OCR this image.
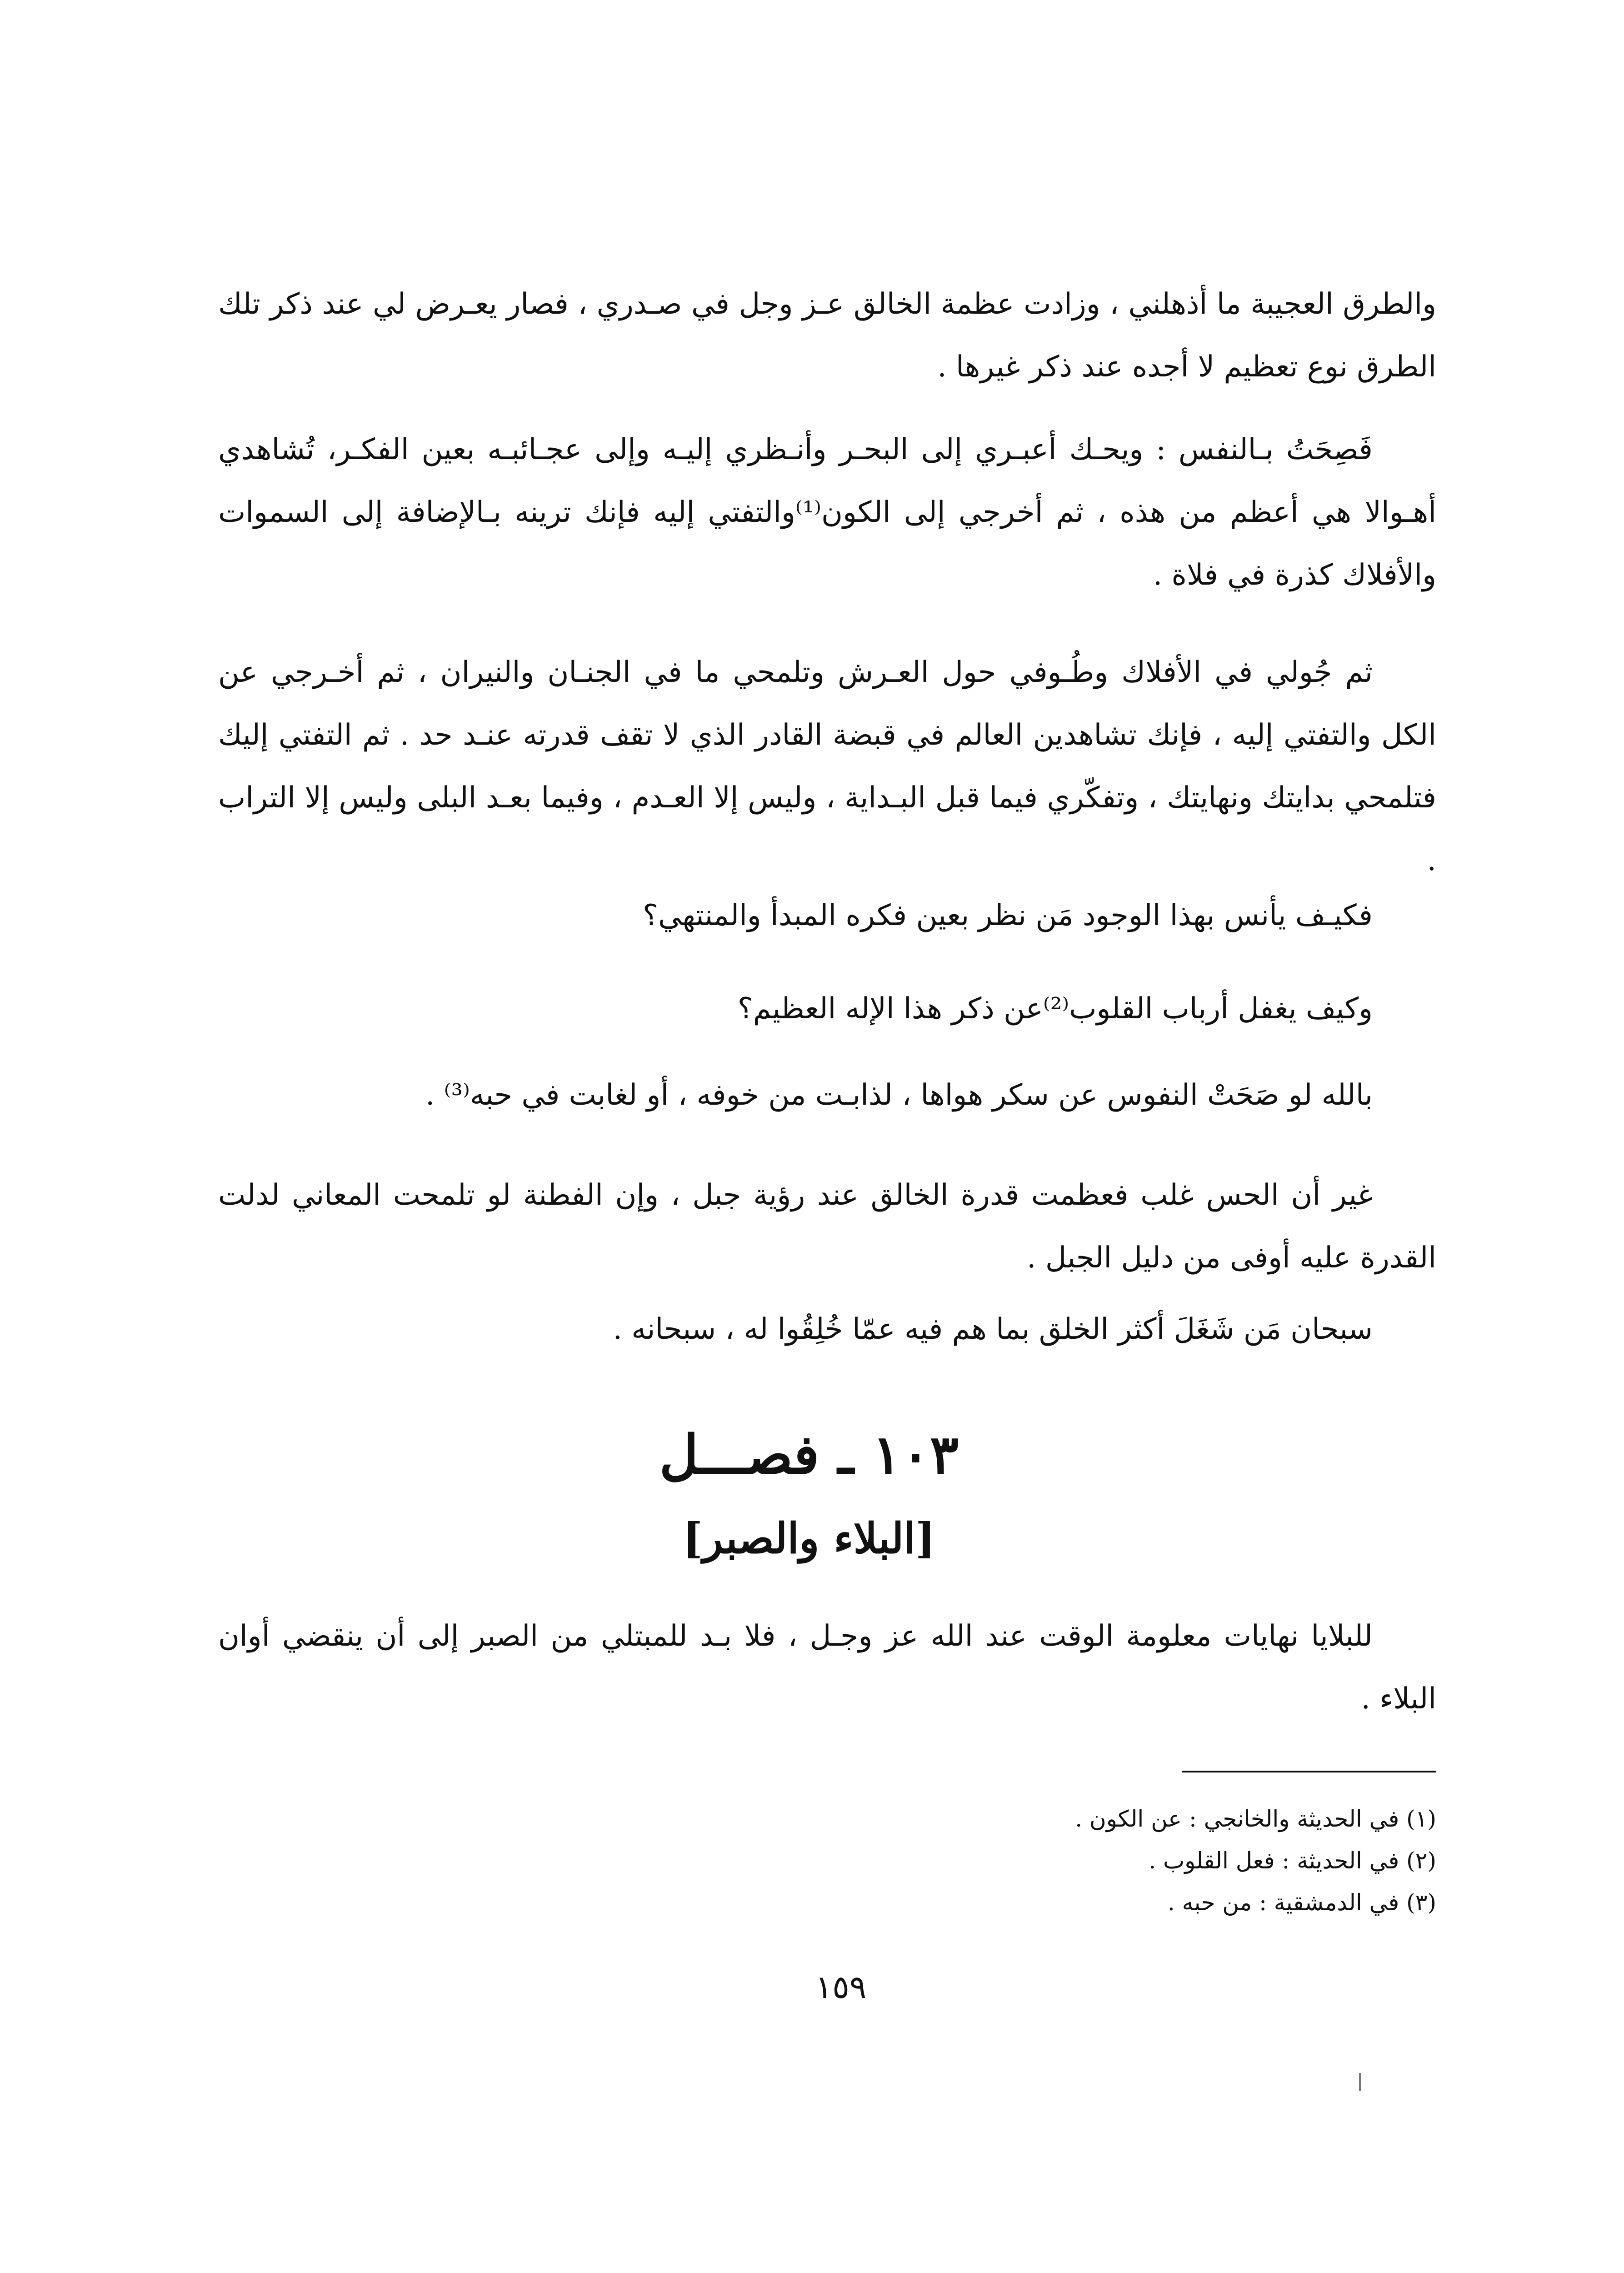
والطرق العجيبة ما أذهلني ، وزادت عظمة الخالق عـز وجل في صـدري ، فصار يعـرض لي عند ذكر تلك الطرق نوع تعظيم لا أجده عند ذكر غيرها .

فَصِحَتُ بـالنفس : ويحـك أعبـري إلى البحـر وأنـظري إليـه وإلى عجـائبـه بعين الفكـر، تُشاهدي أهـوالا هي أعظم من هذه ، ثم أخرجي إلى الكون⁽¹⁾والتفتي إليه فإنك ترينه بـالإضافة إلى السموات والأفلاك كذرة في فلاة .

ثم جُولي في الأفلاك وطُـوفي حول العـرش وتلمحي ما في الجنـان والنيران ، ثم أخـرجي عن الكل والتفتي إليه ، فإنك تشاهدين العالم في قبضة القادر الذي لا تقف قدرته عنـد حد . ثم التفتي إليك فتلمحي بدايتك ونهايتك ، وتفكّري فيما قبل البـداية ، وليس إلا العـدم ، وفيما بعـد البلى وليس إلا التراب .

فكيـف يأنس بهذا الوجود مَن نظر بعين فكره المبدأ والمنتهي؟

وكيف يغفل أرباب القلوب⁽²⁾عن ذكر هذا الإله العظيم؟

بالله لو صَحَتْ النفوس عن سكر هواها ، لذابـت من خوفه ، أو لغابت في حبه⁽³⁾ .

غير أن الحس غلب فعظمت قدرة الخالق عند رؤية جبل ، وإن الفطنة لو تلمحت المعاني لدلت القدرة عليه أوفى من دليل الجبل .

سبحان مَن شَغَلَ أكثر الخلق بما هم فيه عمّا خُلِقُوا له ، سبحانه .

١٠٣ ـ فصـــل
[البلاء والصبر]

للبلايا نهايات معلومة الوقت عند الله عز وجـل ، فلا بـد للمبتلي من الصبر إلى أن ينقضي أوان البلاء .

(١) في الحديثة والخانجي : عن الكون .
(٢) في الحديثة : فعل القلوب .
(٣) في الدمشقية : من حبه .

١٥٩
